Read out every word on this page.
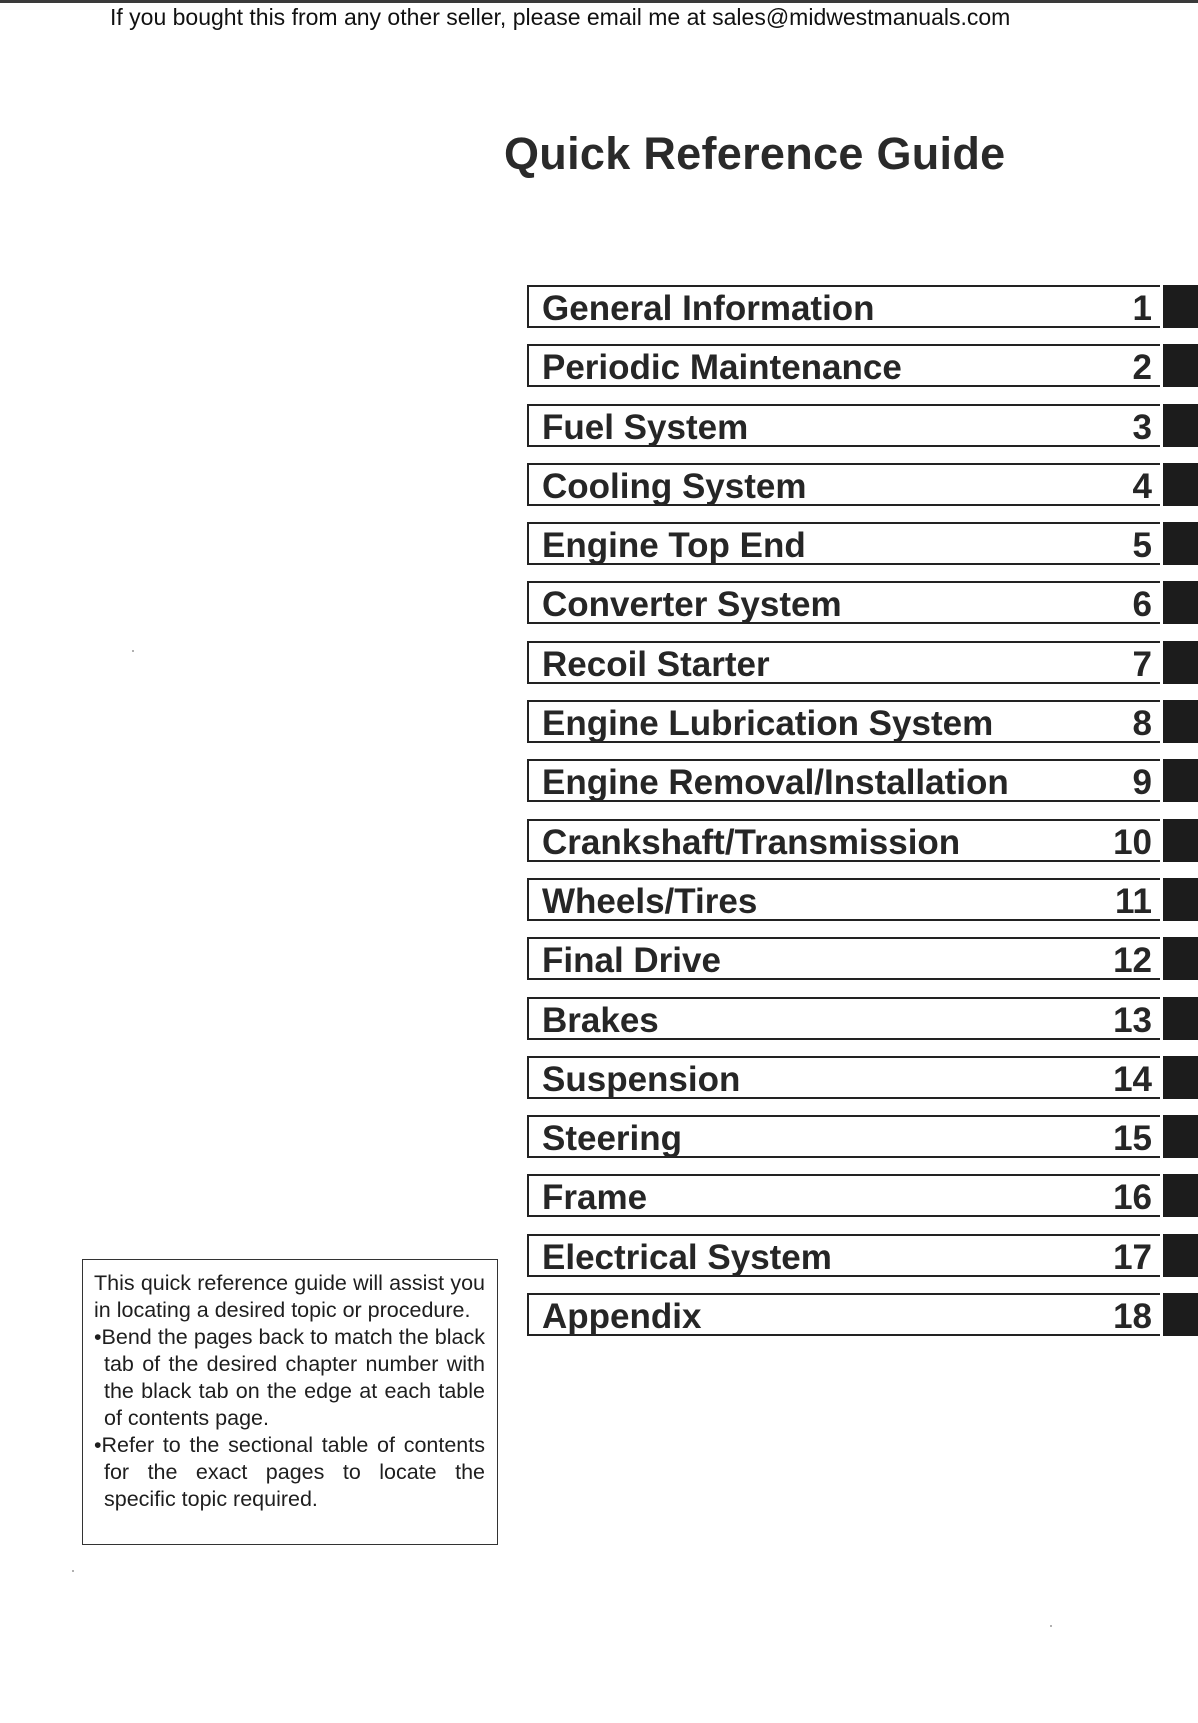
If you bought this from any other seller, please email me at sales@midwestmanuals.com
Quick Reference Guide
General Information	1
Periodic Maintenance	2
Fuel System	3
Cooling System	4
Engine Top End	5
Converter System	6
Recoil Starter	7
Engine Lubrication System	8
Engine Removal/Installation	9
Crankshaft/Transmission	10
Wheels/Tires	11
Final Drive	12
Brakes	13
Suspension	14
Steering	15
Frame	16
Electrical System	17
Appendix	18

This quick reference guide will assist you in locating a desired topic or procedure.

•Bend the pages back to match the black tab of the desired chapter number with the black tab on the edge at each table of contents page.

•Refer to the sectional table of contents for the exact pages to locate the specific topic required.
